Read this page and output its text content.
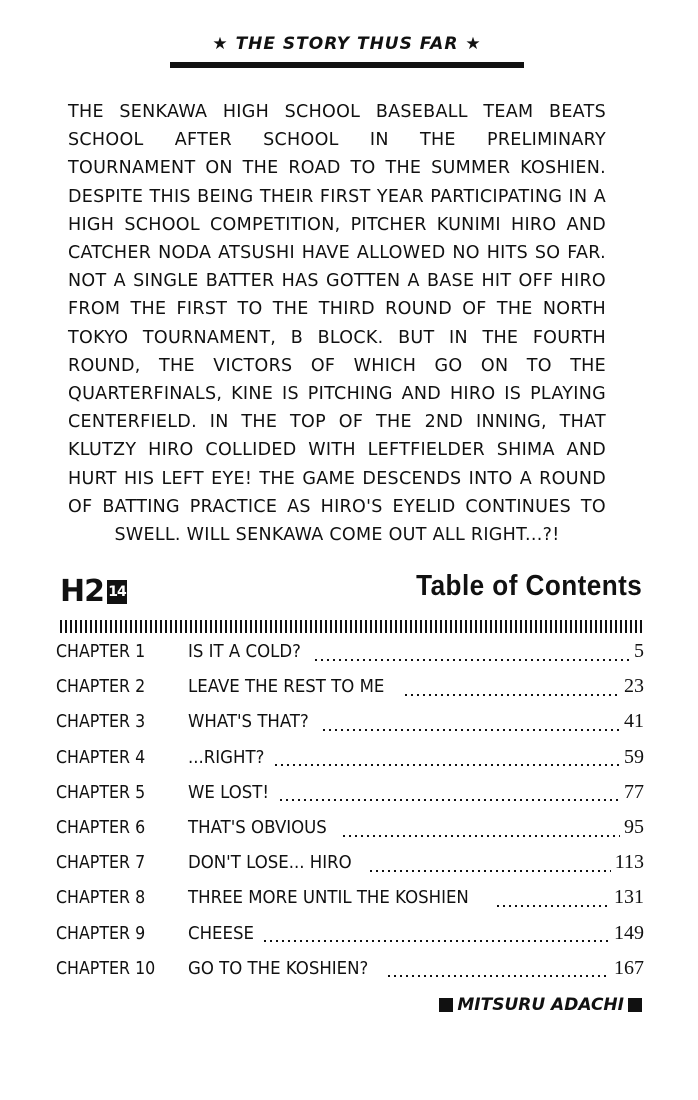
★ THE STORY THUS FAR ★
THE SENKAWA HIGH SCHOOL BASEBALL TEAM BEATS SCHOOL AFTER SCHOOL IN THE PRELIMINARY TOURNAMENT ON THE ROAD TO THE SUMMER KOSHIEN. DESPITE THIS BEING THEIR FIRST YEAR PARTICIPATING IN A HIGH SCHOOL COMPETITION, PITCHER KUNIMI HIRO AND CATCHER NODA ATSUSHI HAVE ALLOWED NO HITS SO FAR. NOT A SINGLE BATTER HAS GOTTEN A BASE HIT OFF HIRO FROM THE FIRST TO THE THIRD ROUND OF THE NORTH TOKYO TOURNAMENT, B BLOCK. BUT IN THE FOURTH ROUND, THE VICTORS OF WHICH GO ON TO THE QUARTERFINALS, KINE IS PITCHING AND HIRO IS PLAYING CENTERFIELD. IN THE TOP OF THE 2ND INNING, THAT KLUTZY HIRO COLLIDED WITH LEFTFIELDER SHIMA AND HURT HIS LEFT EYE! THE GAME DESCENDS INTO A ROUND OF BATTING PRACTICE AS HIRO'S EYELID CONTINUES TO SWELL. WILL SENKAWA COME OUT ALL RIGHT...?!
H2 14	Table of Contents
CHAPTER 1	IS IT A COLD?	5
CHAPTER 2	LEAVE THE REST TO ME	23
CHAPTER 3	WHAT'S THAT?	41
CHAPTER 4	...RIGHT?	59
CHAPTER 5	WE LOST!	77
CHAPTER 6	THAT'S OBVIOUS	95
CHAPTER 7	DON'T LOSE... HIRO	113
CHAPTER 8	THREE MORE UNTIL THE KOSHIEN	131
CHAPTER 9	CHEESE	149
CHAPTER 10	GO TO THE KOSHIEN?	167
MITSURU ADACHI
